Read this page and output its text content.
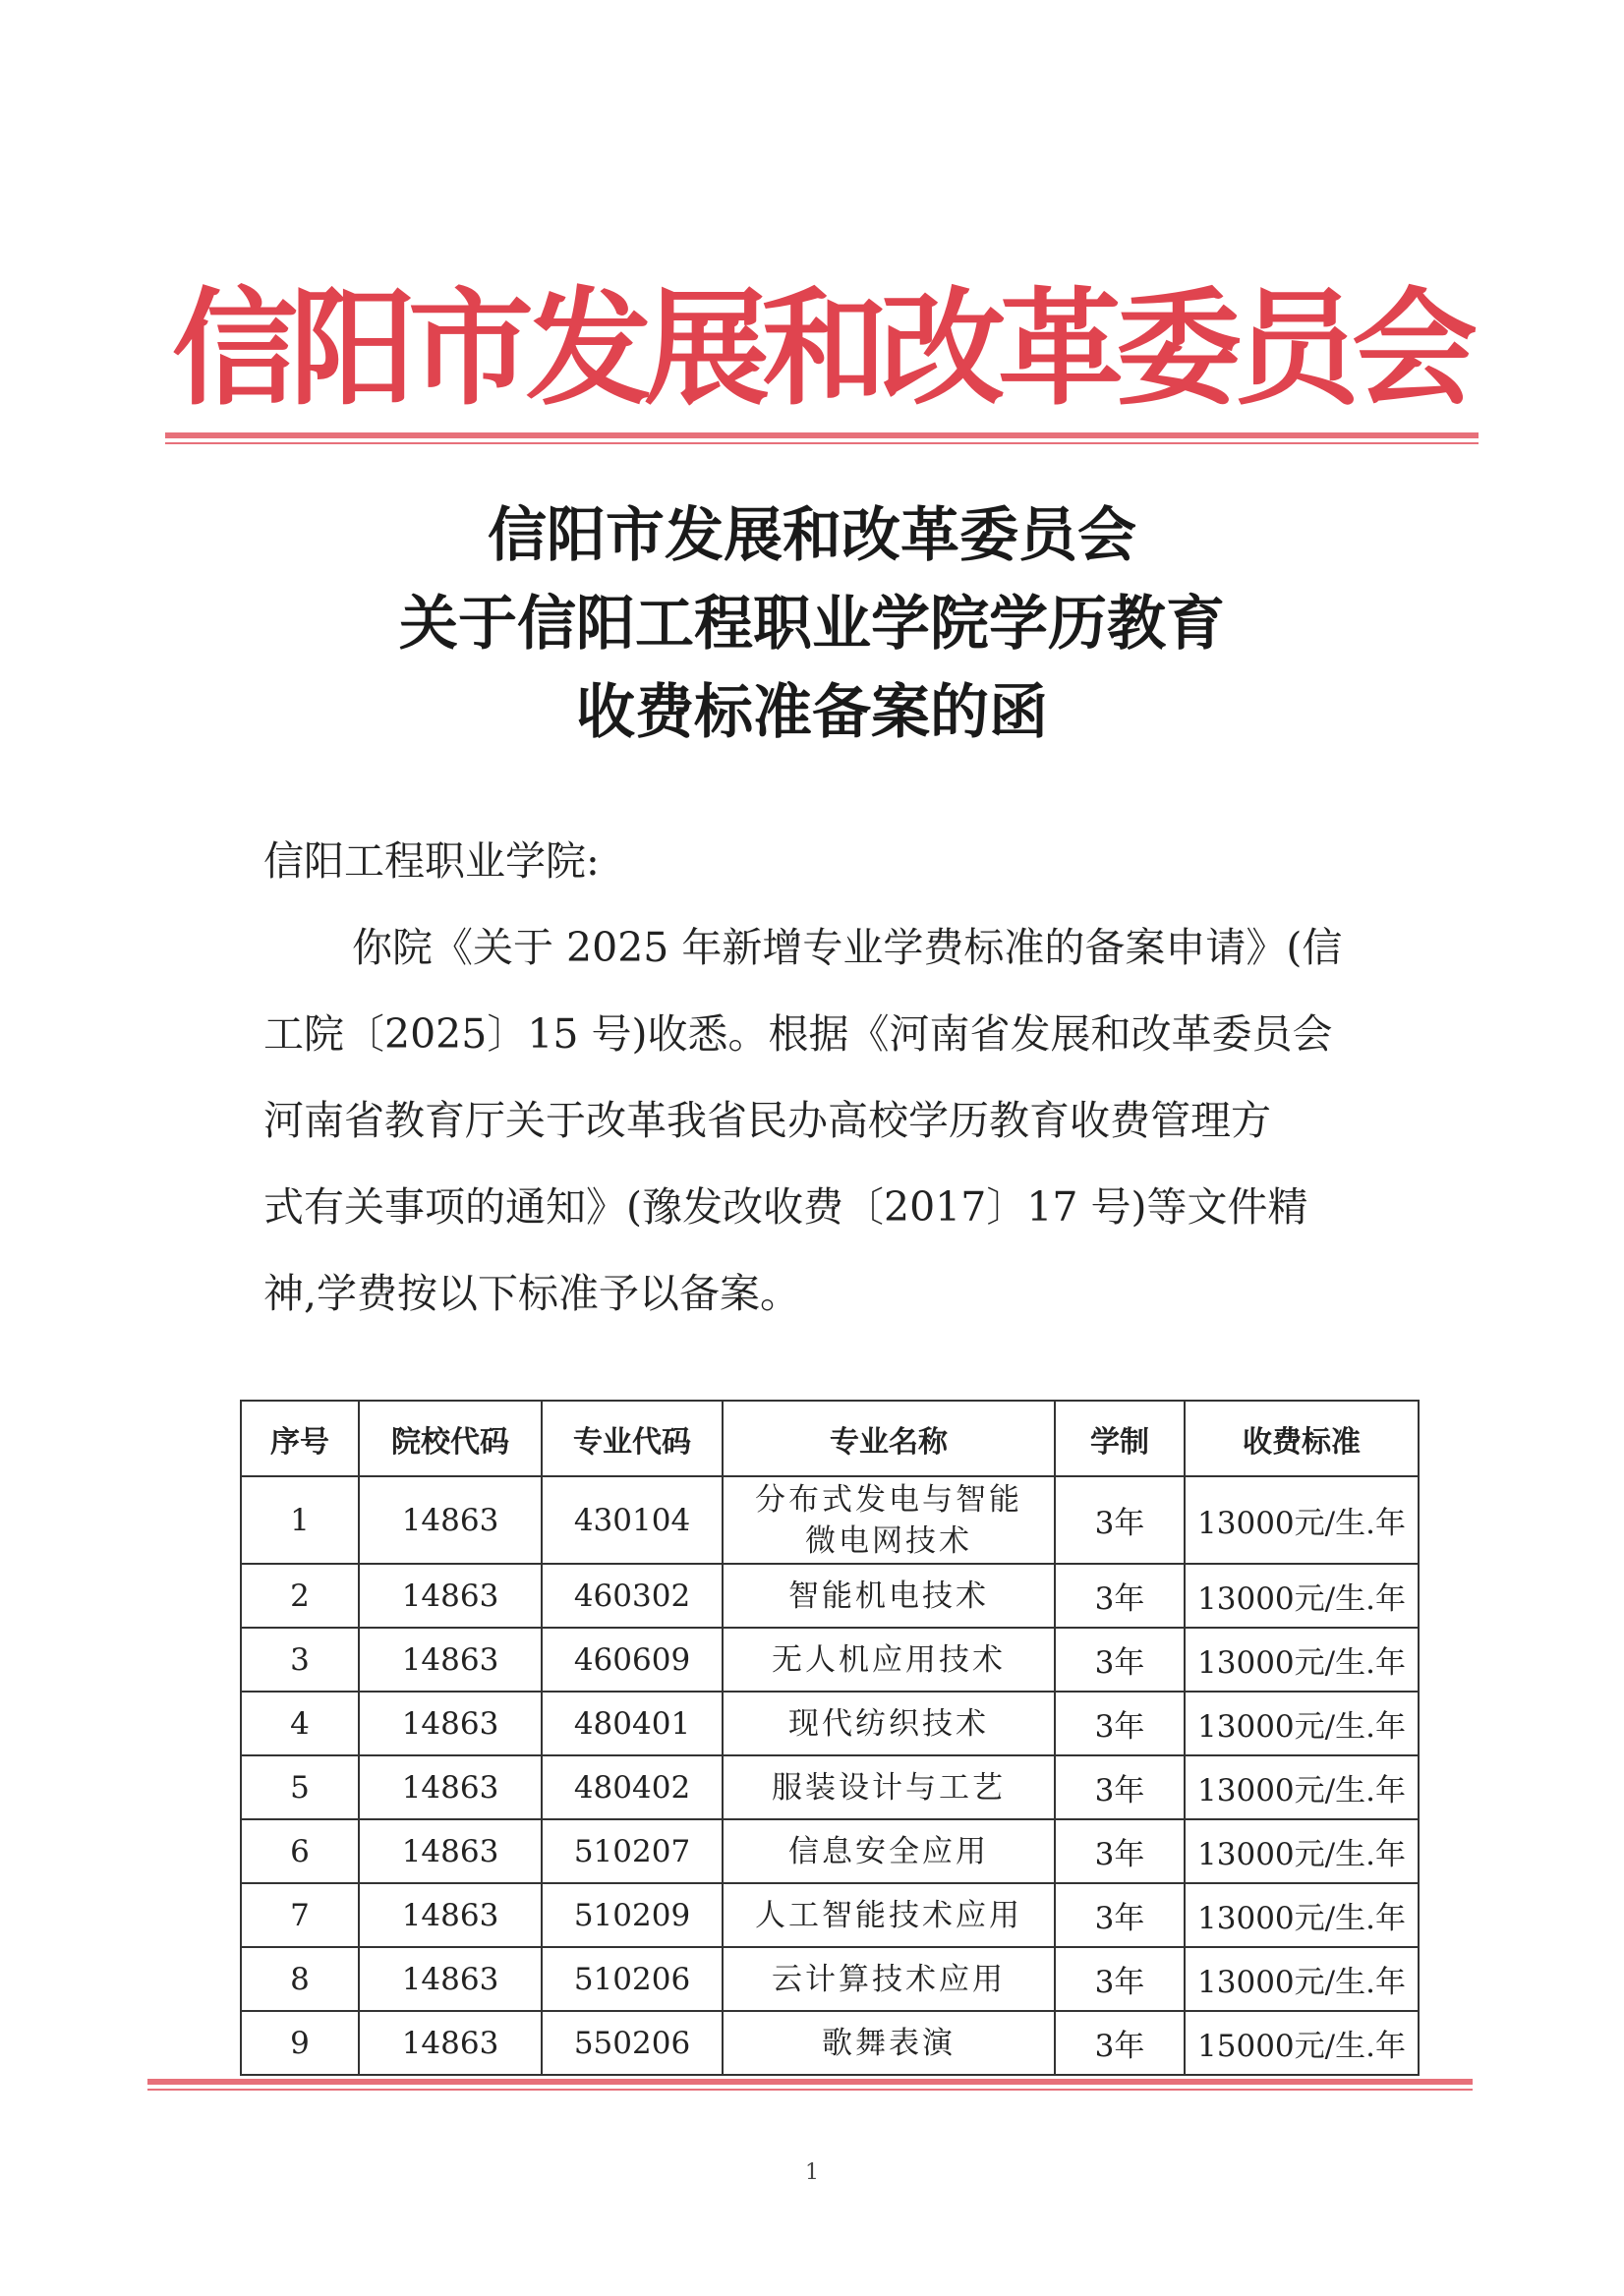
信阳市发展和改革委员会
信阳市发展和改革委员会
关于信阳工程职业学院学历教育
收费标准备案的函
信阳工程职业学院:
你院《关于 2025 年新增专业学费标准的备案申请》(信
工院〔2025〕15 号)收悉。根据《河南省发展和改革委员会
河南省教育厅关于改革我省民办高校学历教育收费管理方
式有关事项的通知》(豫发改收费〔2017〕17 号)等文件精
神,学费按以下标准予以备案。
序号	院校代码	专业代码	专业名称	学制	收费标准
1	14863	430104	分布式发电与智能微电网技术	3年	13000元/生.年
2	14863	460302	智能机电技术	3年	13000元/生.年
3	14863	460609	无人机应用技术	3年	13000元/生.年
4	14863	480401	现代纺织技术	3年	13000元/生.年
5	14863	480402	服装设计与工艺	3年	13000元/生.年
6	14863	510207	信息安全应用	3年	13000元/生.年
7	14863	510209	人工智能技术应用	3年	13000元/生.年
8	14863	510206	云计算技术应用	3年	13000元/生.年
9	14863	550206	歌舞表演	3年	15000元/生.年
1
